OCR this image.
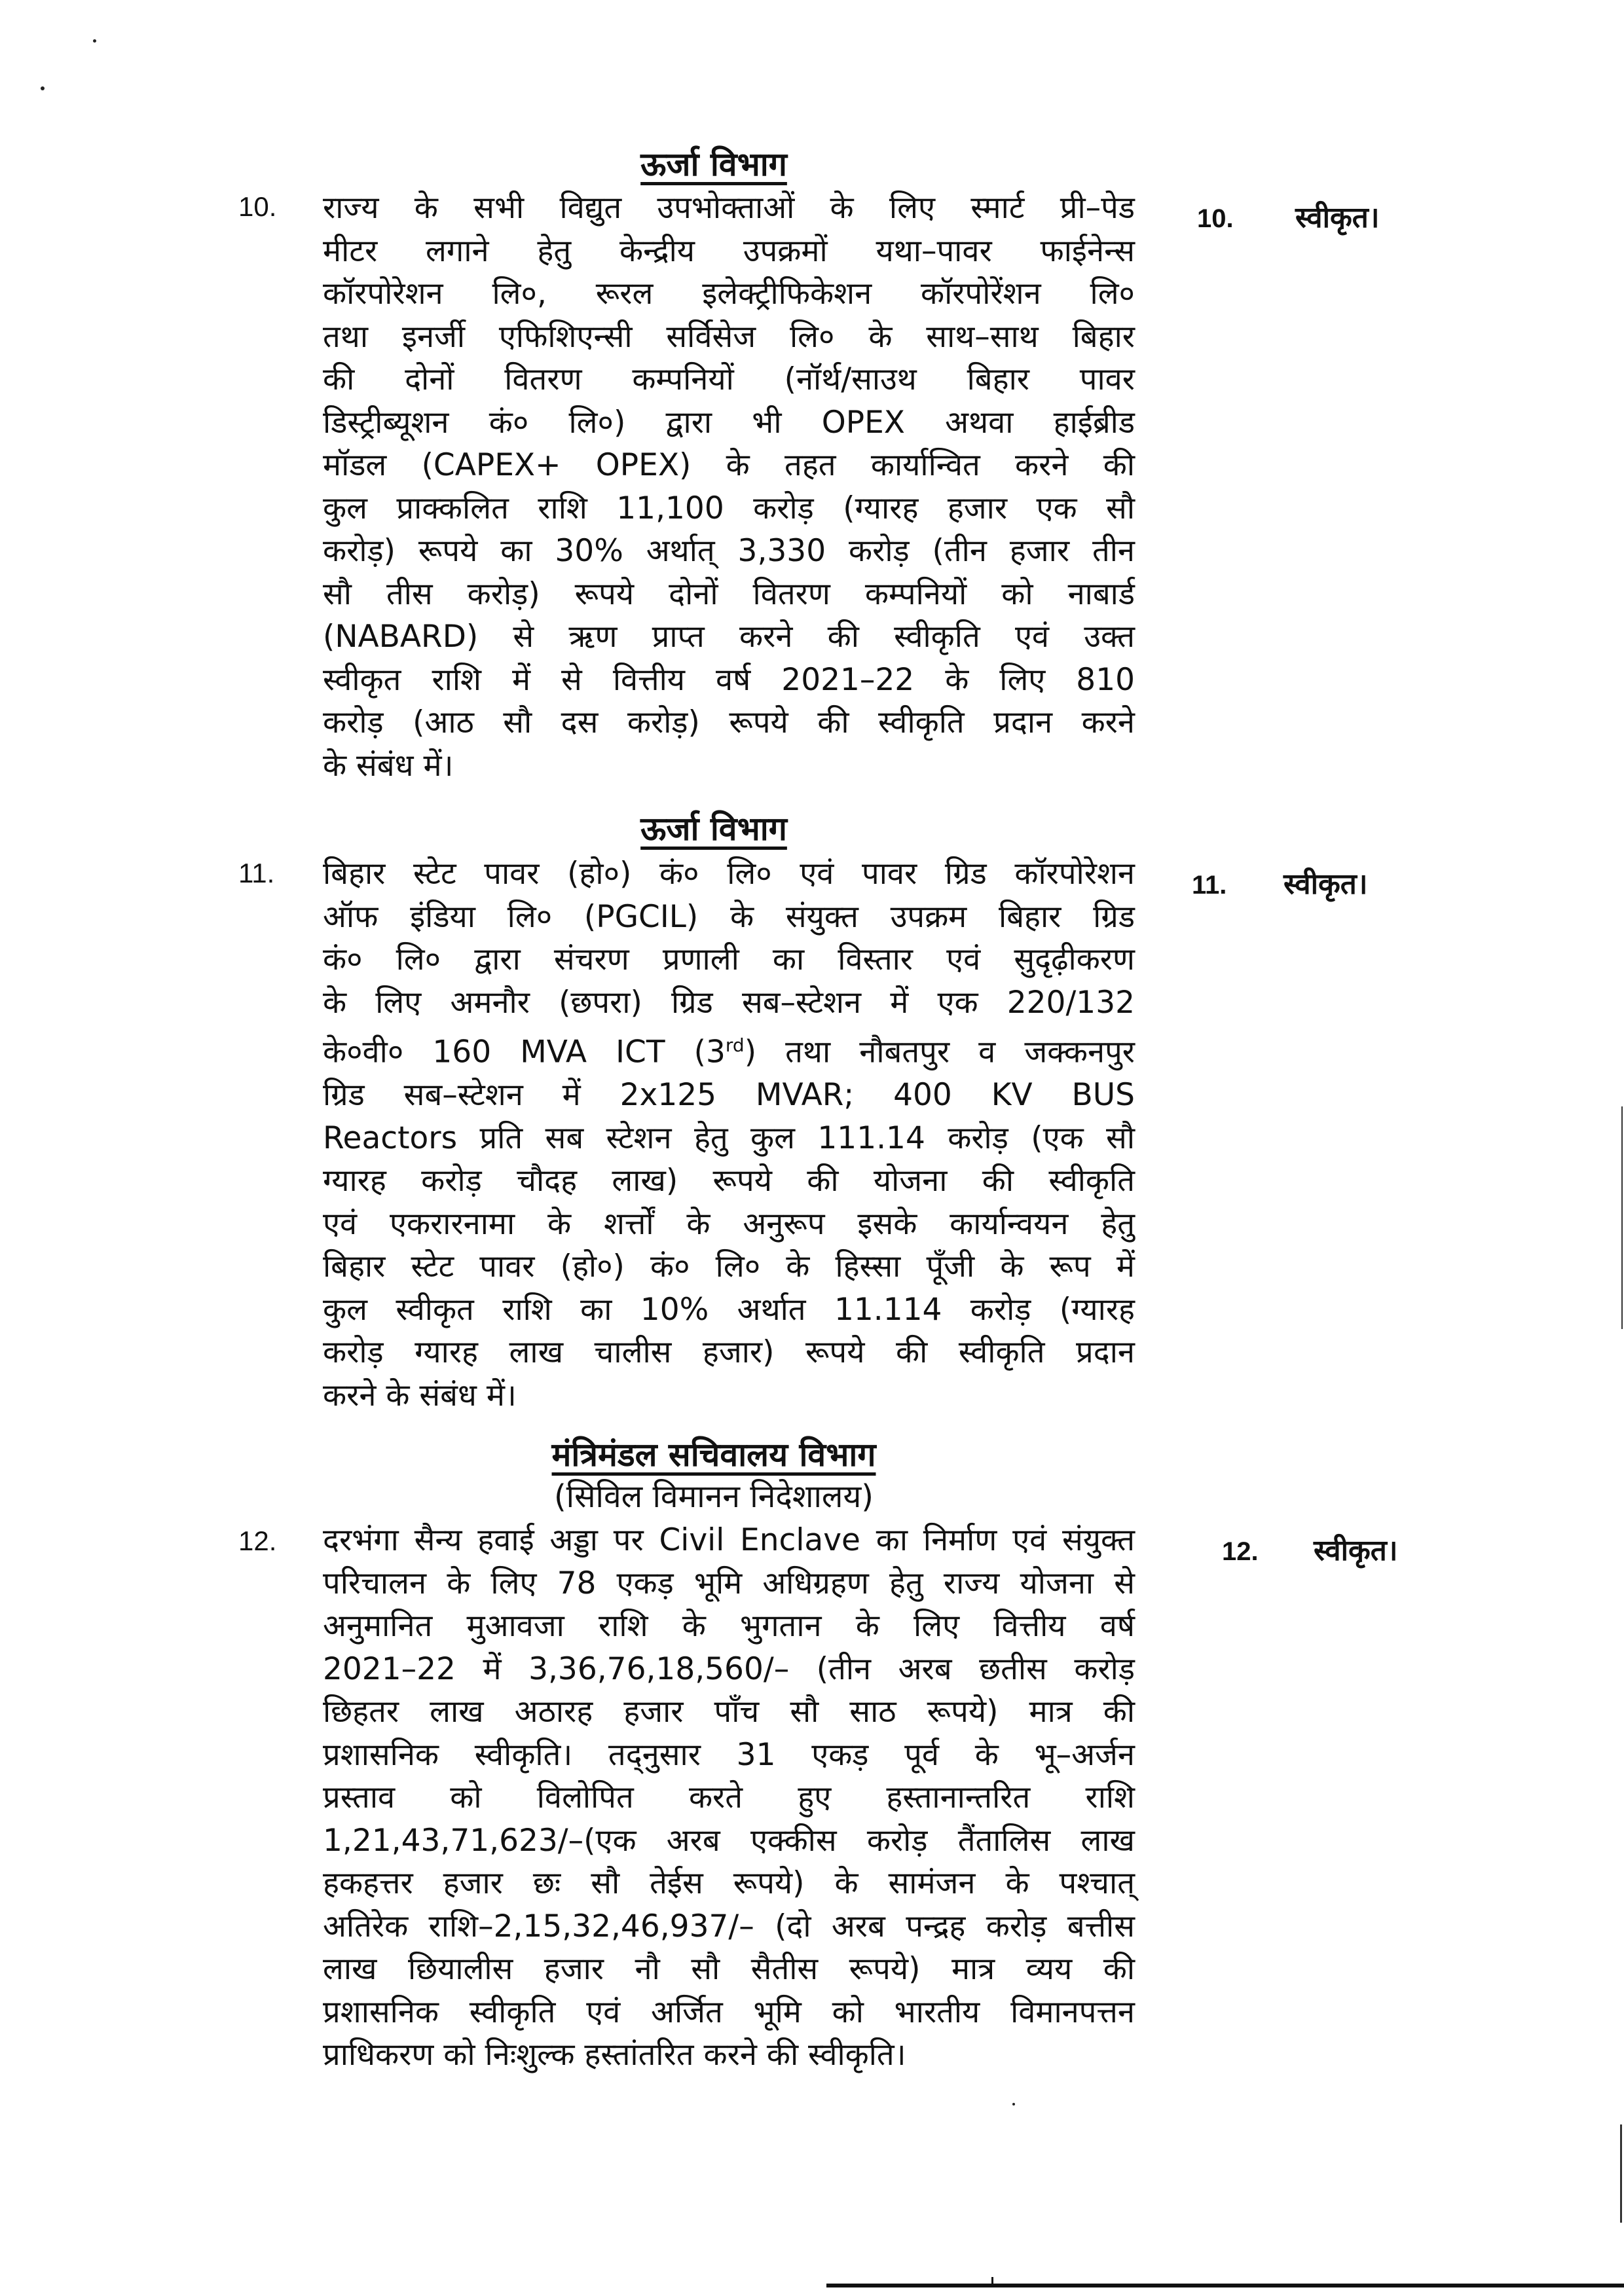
ऊर्जा विभाग
10. राज्य के सभी विद्युत उपभोक्ताओं के लिए स्मार्ट प्री–पेड
मीटर लगाने हेतु केन्द्रीय उपक्रमों यथा–पावर फाईनेन्स
कॉरपोरेशन लि०, रूरल इलेक्ट्रीफिकेशन कॉरपोरेंशन लि०
तथा इनर्जी एफिशिएन्सी सर्विसेज लि० के साथ–साथ बिहार
की दोनों वितरण कम्पनियों (नॉर्थ/साउथ बिहार पावर
डिस्ट्रीब्यूशन कं० लि०) द्वारा भी OPEX अथवा हाईब्रीड
मॉडल (CAPEX+ OPEX) के तहत कार्यान्वित करने की
कुल प्राक्कलित राशि 11,100 करोड़ (ग्यारह हजार एक सौ
करोड़) रूपये का 30% अर्थात् 3,330 करोड़ (तीन हजार तीन
सौ तीस करोड़) रूपये दोनों वितरण कम्पनियों को नाबार्ड
(NABARD) से ऋण प्राप्त करने की स्वीकृति एवं उक्त
स्वीकृत राशि में से वित्तीय वर्ष 2021–22 के लिए 810
करोड़ (आठ सौ दस करोड़) रूपये की स्वीकृति प्रदान करने
के संबंध में।
10. स्वीकृत।
ऊर्जा विभाग
11. बिहार स्टेट पावर (हो०) कं० लि० एवं पावर ग्रिड कॉरपोरेशन
ऑफ इंडिया लि० (PGCIL) के संयुक्त उपक्रम बिहार ग्रिड
कं० लि० द्वारा संचरण प्रणाली का विस्तार एवं सुदृढ़ीकरण
के लिए अमनौर (छपरा) ग्रिड सब–स्टेशन में एक 220/132
के०वी० 160 MVA ICT (3rd) तथा नौबतपुर व जक्कनपुर
ग्रिड सब–स्टेशन में 2x125 MVAR; 400 KV BUS
Reactors प्रति सब स्टेशन हेतु कुल 111.14 करोड़ (एक सौ
ग्यारह करोड़ चौदह लाख) रूपये की योजना की स्वीकृति
एवं एकरारनामा के शर्त्तों के अनुरूप इसके कार्यान्वयन हेतु
बिहार स्टेट पावर (हो०) कं० लि० के हिस्सा पूँजी के रूप में
कुल स्वीकृत राशि का 10% अर्थात 11.114 करोड़ (ग्यारह
करोड़ ग्यारह लाख चालीस हजार) रूपये की स्वीकृति प्रदान
करने के संबंध में।
11. स्वीकृत।
मंत्रिमंडल सचिवालय विभाग
(सिविल विमानन निदेशालय)
12. दरभंगा सैन्य हवाई अड्डा पर Civil Enclave का निर्माण एवं संयुक्त
परिचालन के लिए 78 एकड़ भूमि अधिग्रहण हेतु राज्य योजना से
अनुमानित मुआवजा राशि के भुगतान के लिए वित्तीय वर्ष
2021–22 में 3,36,76,18,560/– (तीन अरब छतीस करोड़
छिहतर लाख अठारह हजार पाँच सौ साठ रूपये) मात्र की
प्रशासनिक स्वीकृति। तद्नुसार 31 एकड़ पूर्व के भू–अर्जन
प्रस्ताव को विलोपित करते हुए हस्तानान्तरित राशि
1,21,43,71,623/–(एक अरब एक्कीस करोड़ तैंतालिस लाख
हकहत्तर हजार छः सौ तेईस रूपये) के सामंजन के पश्चात्
अतिरेक राशि–2,15,32,46,937/– (दो अरब पन्द्रह करोड़ बत्तीस
लाख छियालीस हजार नौ सौ सैतीस रूपये) मात्र व्यय की
प्रशासनिक स्वीकृति एवं अर्जित भूमि को भारतीय विमानपत्तन
प्राधिकरण को निःशुल्क हस्तांतरित करने की स्वीकृति।
12. स्वीकृत।
